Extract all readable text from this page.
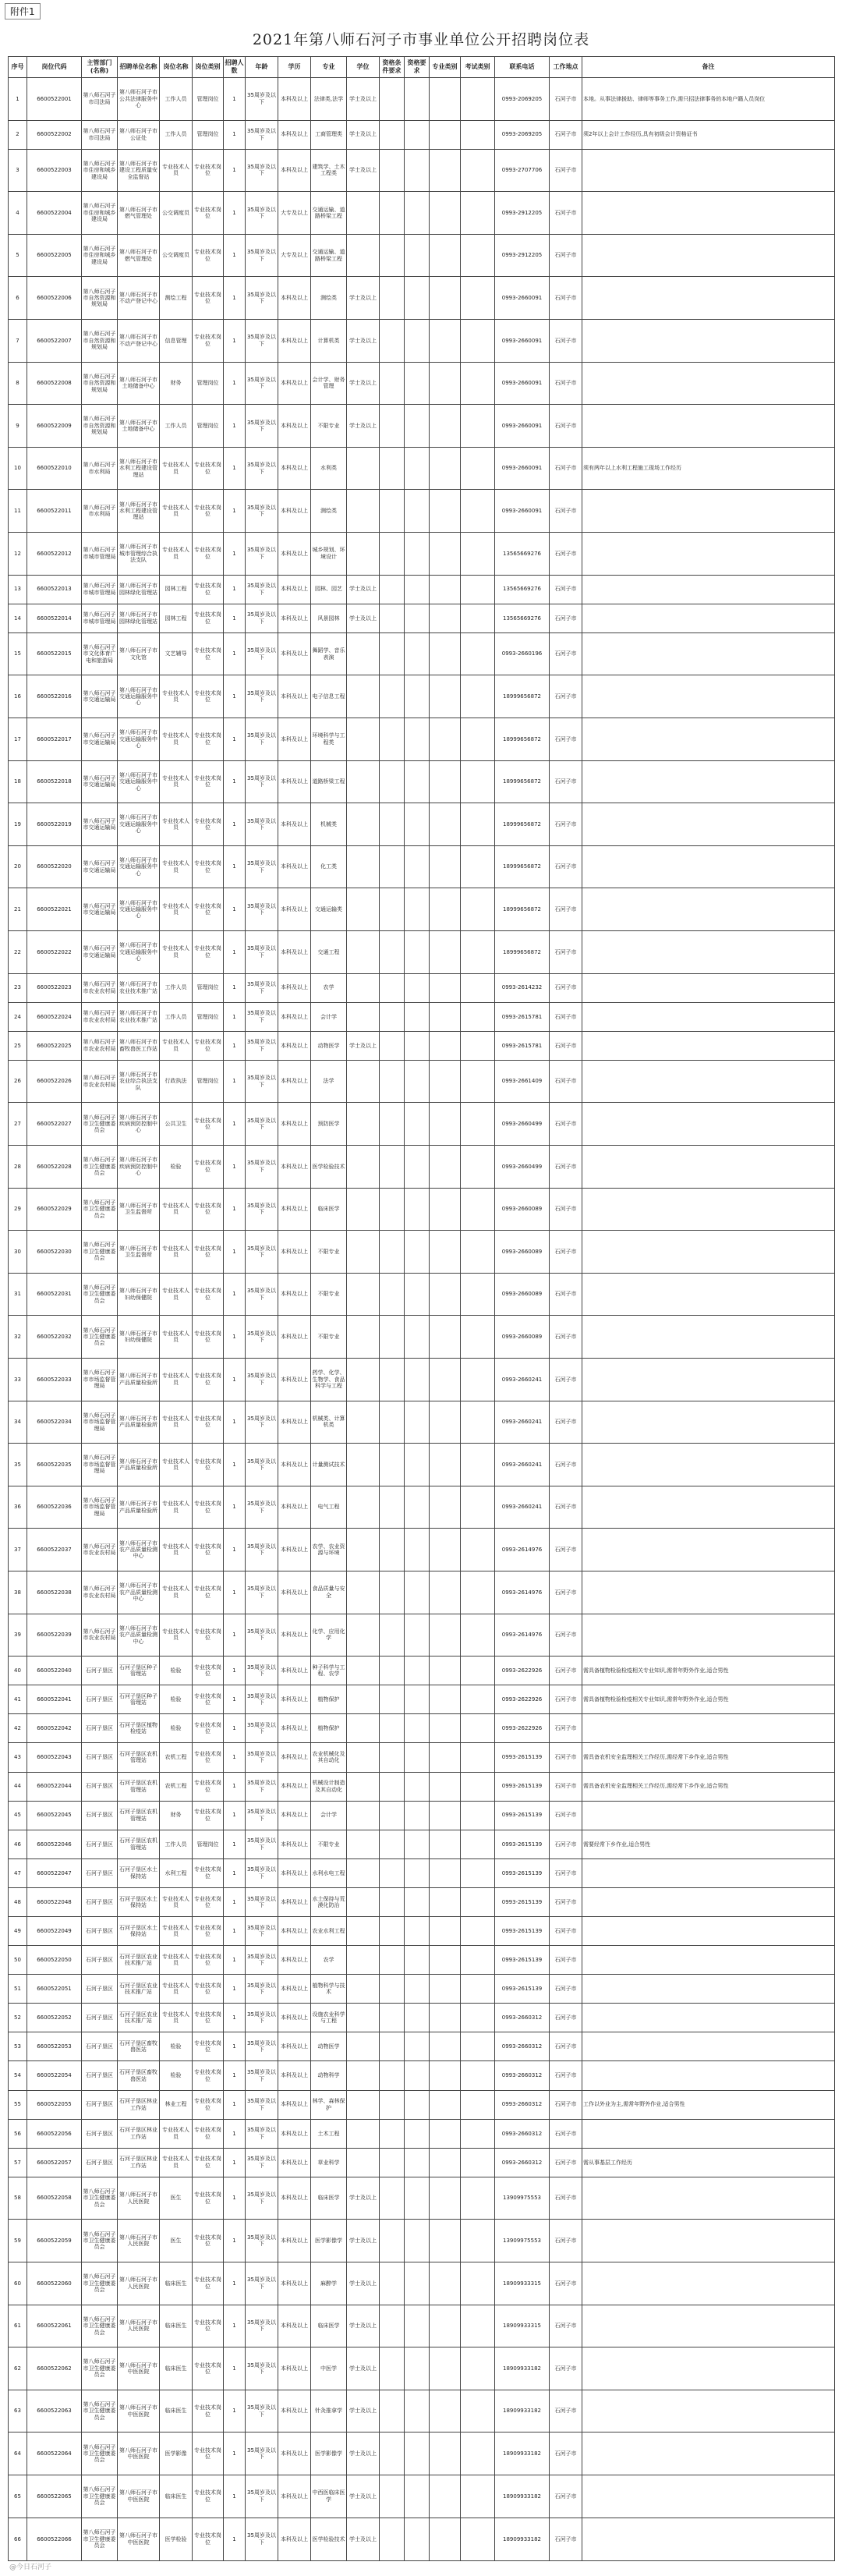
附件1
2021年第八师石河子市事业单位公开招聘岗位表
序号	岗位代码	主管部门(名称)	招聘单位名称	岗位名称	岗位类别	招聘人数	年龄	学历	专业	学位	资格条件要求	资格要求	专业类别	考试类别	联系电话	工作地点	备注
1	6600522001	第八师石河子市司法局	第八师石河子市公共法律服务中心	工作人员	管理岗位	1	35周岁及以下	本科及以上	法律类,法学	学士及以上					0993-2069205	石河子市	本地。从事法律援助、律师等事务工作,需只招法律事务的本地户籍人员岗位
2	6600522002	第八师石河子市司法局	第八师石河子市公证处	工作人员	管理岗位	1	35周岁及以下	本科及以上	工商管理类	学士及以上					0993-2069205	石河子市	须2年以上会计工作经历,具有初级会计资格证书
3	6600522003	第八师石河子市住房和城乡建设局	第八师石河子市建设工程质量安全监督站	专业技术人员	专业技术岗位	1	35周岁及以下	本科及以上	建筑学、土木工程类	学士及以上					0993-2707706	石河子市	
4	6600522004	第八师石河子市住房和城乡建设局	第八师石河子市燃气管理处	公交调度员	专业技术岗位	1	35周岁及以下	大专及以上	交通运输、道路桥梁工程						0993-2912205	石河子市	
5	6600522005	第八师石河子市住房和城乡建设局	第八师石河子市燃气管理处	公交调度员	专业技术岗位	1	35周岁及以下	大专及以上	交通运输、道路桥梁工程						0993-2912205	石河子市	
6	6600522006	第八师石河子市自然资源和规划局	第八师石河子市不动产登记中心	测绘工程	专业技术岗位	1	35周岁及以下	本科及以上	测绘类	学士及以上					0993-2660091	石河子市	
7	6600522007	第八师石河子市自然资源和规划局	第八师石河子市不动产登记中心	信息管理	专业技术岗位	1	35周岁及以下	本科及以上	计算机类	学士及以上					0993-2660091	石河子市	
8	6600522008	第八师石河子市自然资源和规划局	第八师石河子市土地储备中心	财务	管理岗位	1	35周岁及以下	本科及以上	会计学、财务管理	学士及以上					0993-2660091	石河子市	
9	6600522009	第八师石河子市自然资源和规划局	第八师石河子市土地储备中心	工作人员	管理岗位	1	35周岁及以下	本科及以上	不限专业	学士及以上					0993-2660091	石河子市	
10	6600522010	第八师石河子市水利局	第八师石河子市水利工程建设管理站	专业技术人员	专业技术岗位	1	35周岁及以下	本科及以上	水利类						0993-2660091	石河子市	须有两年以上水利工程施工现场工作经历
11	6600522011	第八师石河子市水利局	第八师石河子市水利工程建设管理站	专业技术人员	专业技术岗位	1	35周岁及以下	本科及以上	测绘类						0993-2660091	石河子市	
12	6600522012	第八师石河子市城市管理局	第八师石河子市城市管理综合执法支队	专业技术人员	专业技术岗位	1	35周岁及以下	本科及以上	城乡规划、环境设计						13565669276	石河子市	
13	6600522013	第八师石河子市城市管理局	第八师石河子市园林绿化管理站	园林工程	专业技术岗位	1	35周岁及以下	本科及以上	园林、园艺	学士及以上					13565669276	石河子市	
14	6600522014	第八师石河子市城市管理局	第八师石河子市园林绿化管理站	园林工程	专业技术岗位	1	35周岁及以下	本科及以上	风景园林	学士及以上					13565669276	石河子市	
15	6600522015	第八师石河子市文化体育广电和旅游局	第八师石河子市文化馆	文艺辅导	专业技术岗位	1	35周岁及以下	本科及以上	舞蹈学、音乐表演						0993-2660196	石河子市	
16	6600522016	第八师石河子市交通运输局	第八师石河子市交通运输服务中心	专业技术人员	专业技术岗位	1	35周岁及以下	本科及以上	电子信息工程						18999656872	石河子市	
17	6600522017	第八师石河子市交通运输局	第八师石河子市交通运输服务中心	专业技术人员	专业技术岗位	1	35周岁及以下	本科及以上	环境科学与工程类						18999656872	石河子市	
18	6600522018	第八师石河子市交通运输局	第八师石河子市交通运输服务中心	专业技术人员	专业技术岗位	1	35周岁及以下	本科及以上	道路桥梁工程						18999656872	石河子市	
19	6600522019	第八师石河子市交通运输局	第八师石河子市交通运输服务中心	专业技术人员	专业技术岗位	1	35周岁及以下	本科及以上	机械类						18999656872	石河子市	
20	6600522020	第八师石河子市交通运输局	第八师石河子市交通运输服务中心	专业技术人员	专业技术岗位	1	35周岁及以下	本科及以上	化工类						18999656872	石河子市	
21	6600522021	第八师石河子市交通运输局	第八师石河子市交通运输服务中心	专业技术人员	专业技术岗位	1	35周岁及以下	本科及以上	交通运输类						18999656872	石河子市	
22	6600522022	第八师石河子市交通运输局	第八师石河子市交通运输服务中心	专业技术人员	专业技术岗位	1	35周岁及以下	本科及以上	交通工程						18999656872	石河子市	
23	6600522023	第八师石河子市农业农村局	第八师石河子市农业技术推广站	工作人员	管理岗位	1	35周岁及以下	本科及以上	农学						0993-2614232	石河子市	
24	6600522024	第八师石河子市农业农村局	第八师石河子市农业技术推广站	工作人员	管理岗位	1	35周岁及以下	本科及以上	会计学						0993-2615781	石河子市	
25	6600522025	第八师石河子市农业农村局	第八师石河子市畜牧兽医工作站	专业技术人员	专业技术岗位	1	35周岁及以下	本科及以上	动物医学	学士及以上					0993-2615781	石河子市	
26	6600522026	第八师石河子市农业农村局	第八师石河子市农业综合执法支队	行政执法	管理岗位	1	35周岁及以下	本科及以上	法学						0993-2661409	石河子市	
27	6600522027	第八师石河子市卫生健康委员会	第八师石河子市疾病预防控制中心	公共卫生	专业技术岗位	1	35周岁及以下	本科及以上	预防医学						0993-2660499	石河子市	
28	6600522028	第八师石河子市卫生健康委员会	第八师石河子市疾病预防控制中心	检验	专业技术岗位	1	35周岁及以下	本科及以上	医学检验技术						0993-2660499	石河子市	
29	6600522029	第八师石河子市卫生健康委员会	第八师石河子市卫生监督所	专业技术人员	专业技术岗位	1	35周岁及以下	本科及以上	临床医学						0993-2660089	石河子市	
30	6600522030	第八师石河子市卫生健康委员会	第八师石河子市卫生监督所	专业技术人员	专业技术岗位	1	35周岁及以下	本科及以上	不限专业						0993-2660089	石河子市	
31	6600522031	第八师石河子市卫生健康委员会	第八师石河子市妇幼保健院	专业技术人员	专业技术岗位	1	35周岁及以下	本科及以上	不限专业						0993-2660089	石河子市	
32	6600522032	第八师石河子市卫生健康委员会	第八师石河子市妇幼保健院	专业技术人员	专业技术岗位	1	35周岁及以下	本科及以上	不限专业						0993-2660089	石河子市	
33	6600522033	第八师石河子市市场监督管理局	第八师石河子市产品质量检验所	专业技术人员	专业技术岗位	1	35周岁及以下	本科及以上	药学、化学、生物学、食品科学与工程						0993-2660241	石河子市	
34	6600522034	第八师石河子市市场监督管理局	第八师石河子市产品质量检验所	专业技术人员	专业技术岗位	1	35周岁及以下	本科及以上	机械类、计算机类						0993-2660241	石河子市	
35	6600522035	第八师石河子市市场监督管理局	第八师石河子市产品质量检验所	专业技术人员	专业技术岗位	1	35周岁及以下	本科及以上	计量测试技术						0993-2660241	石河子市	
36	6600522036	第八师石河子市市场监督管理局	第八师石河子市产品质量检验所	专业技术人员	专业技术岗位	1	35周岁及以下	本科及以上	电气工程						0993-2660241	石河子市	
37	6600522037	第八师石河子市农业农村局	第八师石河子市农产品质量检测中心	专业技术人员	专业技术岗位	1	35周岁及以下	本科及以上	农学、农业资源与环境						0993-2614976	石河子市	
38	6600522038	第八师石河子市农业农村局	第八师石河子市农产品质量检测中心	专业技术人员	专业技术岗位	1	35周岁及以下	本科及以上	食品质量与安全						0993-2614976	石河子市	
39	6600522039	第八师石河子市农业农村局	第八师石河子市农产品质量检测中心	专业技术人员	专业技术岗位	1	35周岁及以下	本科及以上	化学、应用化学						0993-2614976	石河子市	
40	6600522040	石河子垦区	石河子垦区种子管理站	检验	专业技术岗位	1	35周岁及以下	本科及以上	种子科学与工程、农学						0993-2622926	石河子市	需具备植物检验检疫相关专业知识,需常年野外作业,适合男性
41	6600522041	石河子垦区	石河子垦区种子管理站	检验	专业技术岗位	1	35周岁及以下	本科及以上	植物保护						0993-2622926	石河子市	需具备植物检验检疫相关专业知识,需常年野外作业,适合男性
42	6600522042	石河子垦区	石河子垦区植物检疫站	检验	专业技术岗位	1	35周岁及以下	本科及以上	植物保护						0993-2622926	石河子市	
43	6600522043	石河子垦区	石河子垦区农机管理站	农机工程	专业技术岗位	1	35周岁及以下	本科及以上	农业机械化及其自动化						0993-2615139	石河子市	需具备农机安全监理相关工作经历,需经常下乡作业,适合男性
44	6600522044	石河子垦区	石河子垦区农机管理站	农机工程	专业技术岗位	1	35周岁及以下	本科及以上	机械设计制造及其自动化						0993-2615139	石河子市	需具备农机安全监理相关工作经历,需经常下乡作业,适合男性
45	6600522045	石河子垦区	石河子垦区农机管理站	财务	专业技术岗位	1	35周岁及以下	本科及以上	会计学						0993-2615139	石河子市	
46	6600522046	石河子垦区	石河子垦区农机管理站	工作人员	管理岗位	1	35周岁及以下	本科及以上	不限专业						0993-2615139	石河子市	需要经常下乡作业,适合男性
47	6600522047	石河子垦区	石河子垦区水土保持站	水利工程	专业技术岗位	1	35周岁及以下	本科及以上	水利水电工程						0993-2615139	石河子市	
48	6600522048	石河子垦区	石河子垦区水土保持站	专业技术人员	专业技术岗位	1	35周岁及以下	本科及以上	水土保持与荒漠化防治						0993-2615139	石河子市	
49	6600522049	石河子垦区	石河子垦区水土保持站	专业技术人员	专业技术岗位	1	35周岁及以下	本科及以上	农业水利工程						0993-2615139	石河子市	
50	6600522050	石河子垦区	石河子垦区农业技术推广站	专业技术人员	专业技术岗位	1	35周岁及以下	本科及以上	农学						0993-2615139	石河子市	
51	6600522051	石河子垦区	石河子垦区农业技术推广站	专业技术人员	专业技术岗位	1	35周岁及以下	本科及以上	植物科学与技术						0993-2615139	石河子市	
52	6600522052	石河子垦区	石河子垦区农业技术推广站	专业技术人员	专业技术岗位	1	35周岁及以下	本科及以上	设施农业科学与工程						0993-2660312	石河子市	
53	6600522053	石河子垦区	石河子垦区畜牧兽医站	检验	专业技术岗位	1	35周岁及以下	本科及以上	动物医学						0993-2660312	石河子市	
54	6600522054	石河子垦区	石河子垦区畜牧兽医站	检验	专业技术岗位	1	35周岁及以下	本科及以上	动物科学						0993-2660312	石河子市	
55	6600522055	石河子垦区	石河子垦区林业工作站	林业工程	专业技术岗位	1	35周岁及以下	本科及以上	林学、森林保护						0993-2660312	石河子市	工作以外业为主,需常年野外作业,适合男性
56	6600522056	石河子垦区	石河子垦区林业工作站	专业技术人员	专业技术岗位	1	35周岁及以下	本科及以上	土木工程						0993-2660312	石河子市	
57	6600522057	石河子垦区	石河子垦区林业工作站	专业技术人员	专业技术岗位	1	35周岁及以下	本科及以上	草业科学						0993-2660312	石河子市	需从事基层工作经历
58	6600522058	第八师石河子市卫生健康委员会	第八师石河子市人民医院	医生	专业技术岗位	1	35周岁及以下	本科及以上	临床医学	学士及以上					13909975553	石河子市	
59	6600522059	第八师石河子市卫生健康委员会	第八师石河子市人民医院	医生	专业技术岗位	1	35周岁及以下	本科及以上	医学影像学	学士及以上					13909975553	石河子市	
60	6600522060	第八师石河子市卫生健康委员会	第八师石河子市人民医院	临床医生	专业技术岗位	1	35周岁及以下	本科及以上	麻醉学	学士及以上					18909933315	石河子市	
61	6600522061	第八师石河子市卫生健康委员会	第八师石河子市人民医院	临床医生	专业技术岗位	1	35周岁及以下	本科及以上	临床医学	学士及以上					18909933315	石河子市	
62	6600522062	第八师石河子市卫生健康委员会	第八师石河子市中医医院	临床医生	专业技术岗位	1	35周岁及以下	本科及以上	中医学	学士及以上					18909933182	石河子市	
63	6600522063	第八师石河子市卫生健康委员会	第八师石河子市中医医院	临床医生	专业技术岗位	1	35周岁及以下	本科及以上	针灸推拿学	学士及以上					18909933182	石河子市	
64	6600522064	第八师石河子市卫生健康委员会	第八师石河子市中医医院	医学影像	专业技术岗位	1	35周岁及以下	本科及以上	医学影像学	学士及以上					18909933182	石河子市	
65	6600522065	第八师石河子市卫生健康委员会	第八师石河子市中医医院	临床医生	专业技术岗位	1	35周岁及以下	本科及以上	中西医临床医学	学士及以上					18909933182	石河子市	
66	6600522066	第八师石河子市卫生健康委员会	第八师石河子市中医医院	医学检验	专业技术岗位	1	35周岁及以下	本科及以上	医学检验技术	学士及以上					18909933182	石河子市	
@今日石河子
